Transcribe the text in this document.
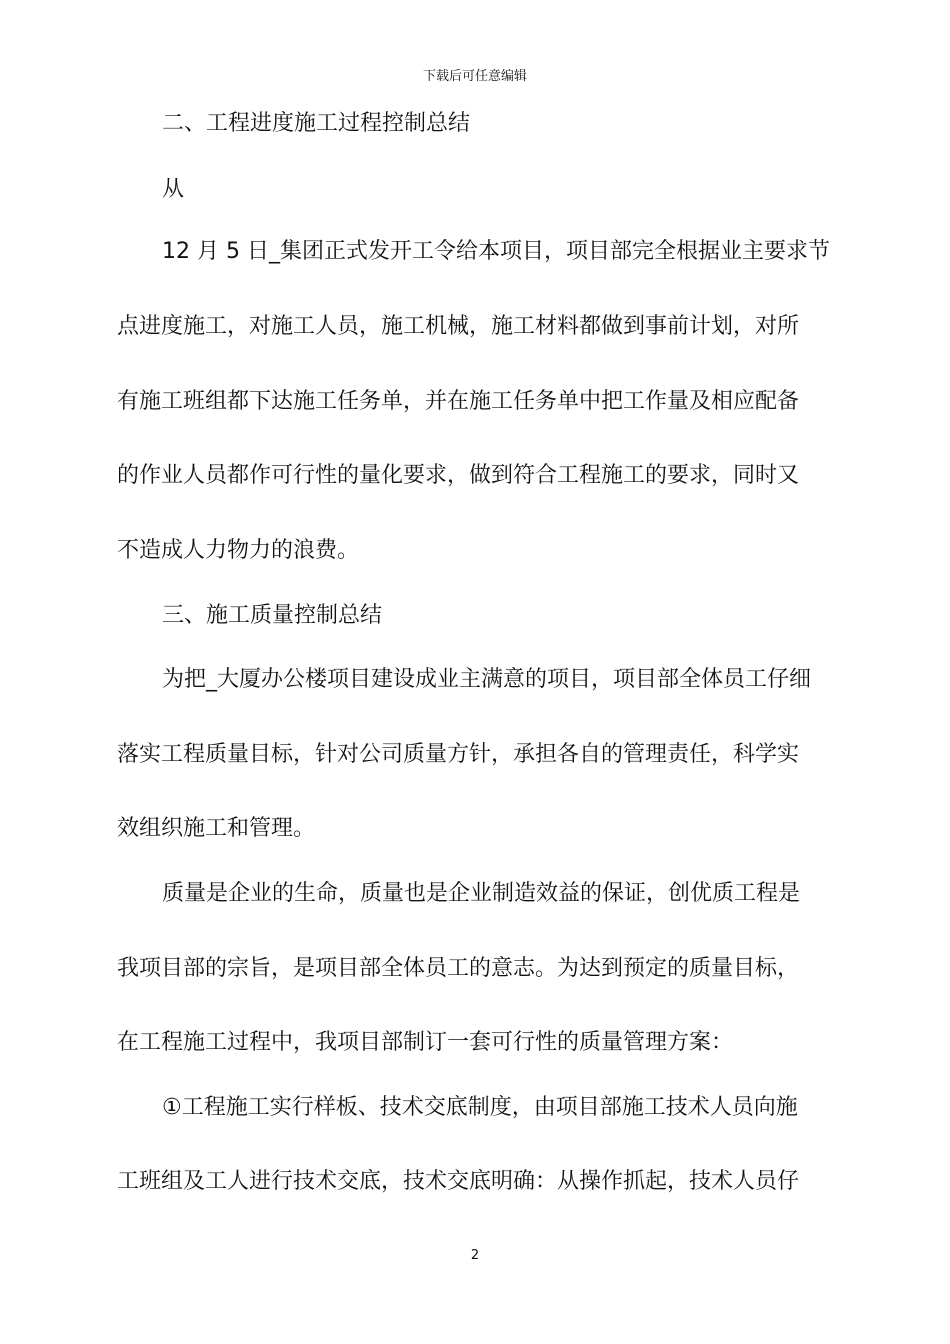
下载后可任意编辑
二、工程进度施工过程控制总结
从
12 月 5 日_集团正式发开工令给本项目，项目部完全根据业主要求节
点进度施工，对施工人员，施工机械，施工材料都做到事前计划，对所
有施工班组都下达施工任务单，并在施工任务单中把工作量及相应配备
的作业人员都作可行性的量化要求，做到符合工程施工的要求，同时又
不造成人力物力的浪费。
三、施工质量控制总结
为把_大厦办公楼项目建设成业主满意的项目，项目部全体员工仔细
落实工程质量目标，针对公司质量方针，承担各自的管理责任，科学实
效组织施工和管理。
质量是企业的生命，质量也是企业制造效益的保证，创优质工程是
我项目部的宗旨，是项目部全体员工的意志。为达到预定的质量目标，
在工程施工过程中，我项目部制订一套可行性的质量管理方案：
①工程施工实行样板、技术交底制度，由项目部施工技术人员向施
工班组及工人进行技术交底，技术交底明确：从操作抓起，技术人员仔
2
